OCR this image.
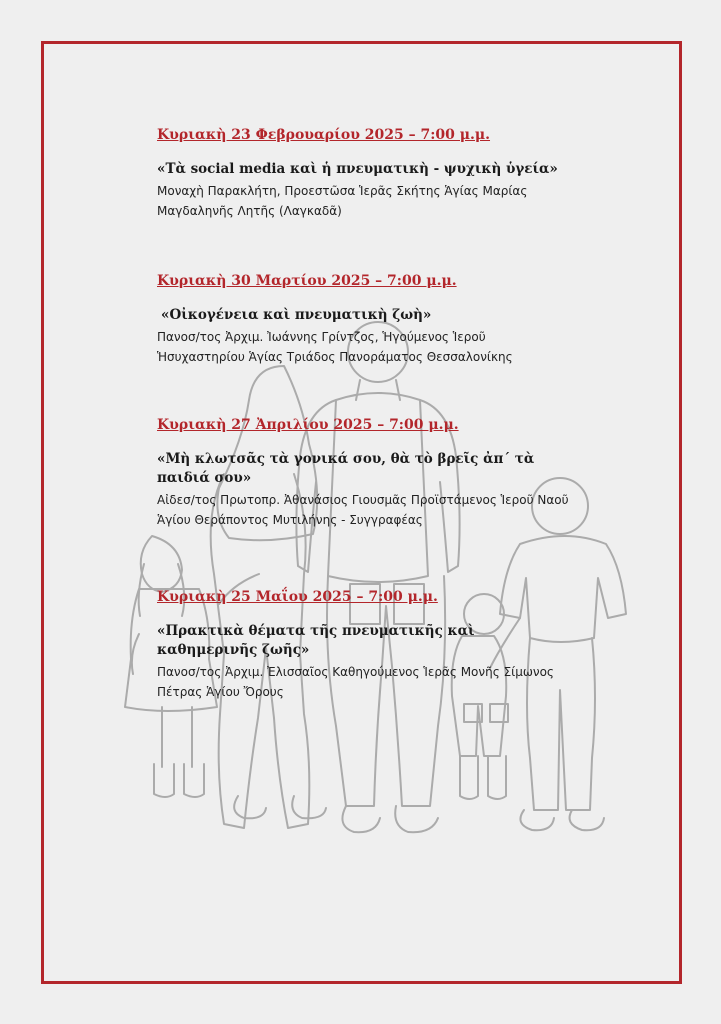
Κυριακὴ 23 Φεβρουαρίου 2025 – 7:00 μ.μ.

«Τὰ social media καὶ ἡ πνευματικὴ - ψυχικὴ ὑγεία»

Μοναχὴ Παρακλήτη, Προεστῶσα Ἱερᾶς Σκήτης Ἁγίας Μαρίας Μαγδαληνῆς Λητῆς (Λαγκαδᾶ)

Κυριακὴ 30 Μαρτίου 2025 – 7:00 μ.μ.

«Οἰκογένεια καὶ πνευματικὴ ζωὴ»

Πανοσ/τος Ἀρχιμ. Ἰωάννης Γρίντζος, Ἡγούμενος Ἱεροῦ Ἡσυχαστηρίου Ἁγίας Τριάδος Πανοράματος Θεσσαλονίκης

Κυριακὴ 27 Ἀπριλίου 2025 – 7:00 μ.μ.

«Μὴ κλωτσᾶς τὰ γονικά σου, θὰ τὸ βρεῖς ἀπ΄ τὰ παιδιά σου»

Αἰδεσ/τος Πρωτοπρ. Ἀθανάσιος Γιουσμᾶς Προϊστάμενος Ἱεροῦ Ναοῦ Ἁγίου Θεράποντος Μυτιλήνης - Συγγραφέας

Κυριακὴ 25 Μαΐου 2025 – 7:00 μ.μ.

«Πρακτικὰ θέματα τῆς πνευματικῆς καὶ καθημερινῆς ζωῆς»

Πανοσ/τος Ἀρχιμ. Ἐλισσαῖος Καθηγούμενος Ἱερᾶς Μονῆς Σίμωνος Πέτρας Ἁγίου Ὄρους
